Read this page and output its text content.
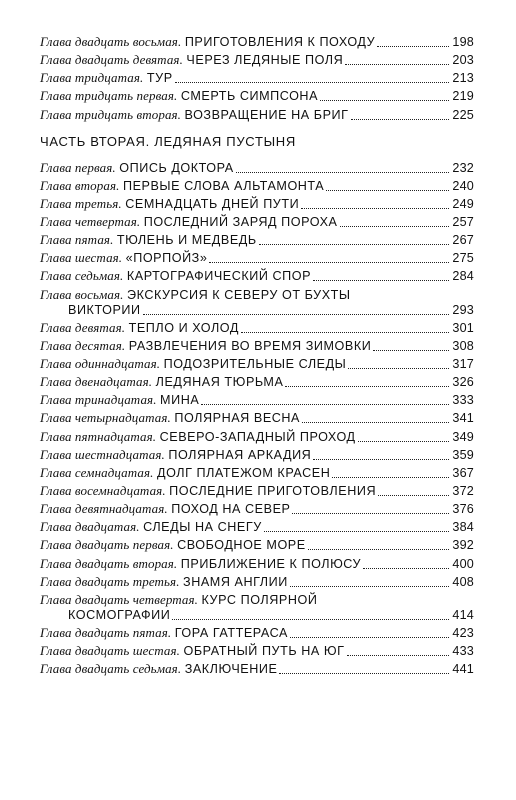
Глава двадцать восьмая.
ПРИГОТОВЛЕНИЯ К ПОХОДУ	198
Глава двадцать девятая.
ЧЕРЕЗ ЛЕДЯНЫЕ ПОЛЯ	203
Глава тридцатая.
ТУР	213
Глава тридцать первая.
СМЕРТЬ СИМПСОНА	219
Глава тридцать вторая.
ВОЗВРАЩЕНИЕ НА БРИГ	225
ЧАСТЬ ВТОРАЯ. ЛЕДЯНАЯ ПУСТЫНЯ
Глава первая.
ОПИСЬ ДОКТОРА	232
Глава вторая.
ПЕРВЫЕ СЛОВА АЛЬТАМОНТА	240
Глава третья.
СЕМНАДЦАТЬ ДНЕЙ ПУТИ	249
Глава четвертая.
ПОСЛЕДНИЙ ЗАРЯД ПОРОХА	257
Глава пятая.
ТЮЛЕНЬ И МЕДВЕДЬ	267
Глава шестая.
«ПОРПОЙЗ»	275
Глава седьмая.
КАРТОГРАФИЧЕСКИЙ СПОР	284
Глава восьмая. ЭКСКУРСИЯ К СЕВЕРУ ОТ БУХТЫ
ВИКТОРИИ	293
Глава девятая.
ТЕПЛО И ХОЛОД	301
Глава десятая.
РАЗВЛЕЧЕНИЯ ВО ВРЕМЯ ЗИМОВКИ	308
Глава одиннадцатая.
ПОДОЗРИТЕЛЬНЫЕ СЛЕДЫ	317
Глава двенадцатая.
ЛЕДЯНАЯ ТЮРЬМА	326
Глава тринадцатая.
МИНА	333
Глава четырнадцатая.
ПОЛЯРНАЯ ВЕСНА	341
Глава пятнадцатая.
СЕВЕРО-ЗАПАДНЫЙ ПРОХОД	349
Глава шестнадцатая.
ПОЛЯРНАЯ АРКАДИЯ	359
Глава семнадцатая.
ДОЛГ ПЛАТЕЖОМ КРАСЕН	367
Глава восемнадцатая.
ПОСЛЕДНИЕ ПРИГОТОВЛЕНИЯ	372
Глава девятнадцатая.
ПОХОД НА СЕВЕР	376
Глава двадцатая.
СЛЕДЫ НА СНЕГУ	384
Глава двадцать первая.
СВОБОДНОЕ МОРЕ	392
Глава двадцать вторая.
ПРИБЛИЖЕНИЕ К ПОЛЮСУ	400
Глава двадцать третья.
ЗНАМЯ АНГЛИИ	408
Глава двадцать четвертая. КУРС ПОЛЯРНОЙ
КОСМОГРАФИИ	414
Глава двадцать пятая.
ГОРА ГАТТЕРАСА	423
Глава двадцать шестая.
ОБРАТНЫЙ ПУТЬ НА ЮГ	433
Глава двадцать седьмая.
ЗАКЛЮЧЕНИЕ	441
